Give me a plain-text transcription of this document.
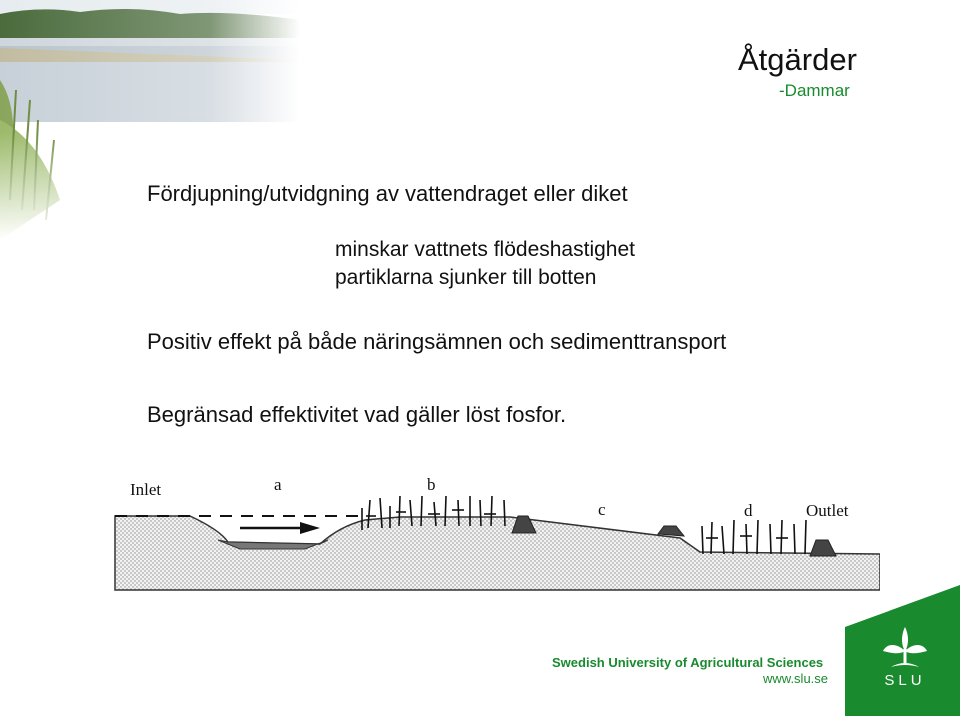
Åtgärder
-Dammar
Fördjupning/utvidgning av vattendraget eller diket
minskar vattnets flödeshastighet
partiklarna sjunker till botten
Positiv effekt på både näringsämnen och sedimenttransport
Begränsad effektivitet vad gäller löst fosfor.
Inlet	a	b
c	d	Outlet
Swedish University of Agricultural Sciences
www.slu.se	SLU
